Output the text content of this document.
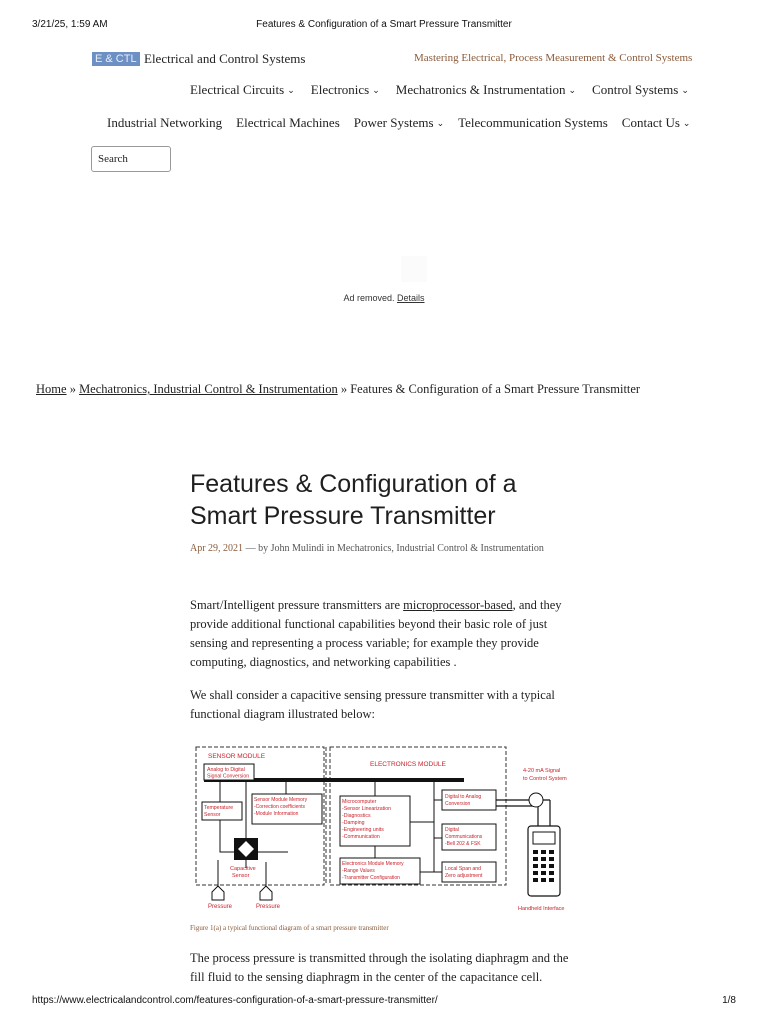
3/21/25, 1:59 AM	Features & Configuration of a Smart Pressure Transmitter
E & CTL Electrical and Control Systems	Mastering Electrical, Process Measurement & Control Systems
Electrical Circuits ⌄ Electronics ⌄ Mechatronics & Instrumentation ⌄ Control Systems ⌄
Industrial Networking Electrical Machines Power Systems ⌄ Telecommunication Systems Contact Us ⌄
Search
Ad removed. Details
Home » Mechatronics, Industrial Control & Instrumentation » Features & Configuration of a Smart Pressure Transmitter
Features & Configuration of a Smart Pressure Transmitter
Apr 29, 2021 — by John Mulindi in Mechatronics, Industrial Control & Instrumentation

Smart/Intelligent pressure transmitters are microprocessor-based, and they provide additional functional capabilities beyond their basic role of just sensing and representing a process variable; for example they provide computing, diagnostics, and networking capabilities .

We shall consider a capacitive sensing pressure transmitter with a typical functional diagram illustrated below:

SENSOR MODULE
ELECTRONICS MODULE
Analog to Digital
Signal Conversion
Temperature
Sensor
Sensor Module Memory
-Correction coefficients
-Module Information
Capacitive
Sensor
Pressure	Pressure
Microcomputer
-Sensor Linearization
-Diagnostics
-Damping
-Engineering units
-Communication
Electronics Module Memory
-Range Values
-Transmitter Configuration
Digital to Analog
Conversion
Digital
Communications
-Bell 202 & FSK
Local Span and
Zero adjustment
4-20 mA Signal
to Control System
Handheld Interface
Figure 1(a) a typical functional diagram of a smart pressure transmitter

The process pressure is transmitted through the isolating diaphragm and the fill fluid to the sensing diaphragm in the center of the capacitance cell.

https://www.electricalandcontrol.com/features-configuration-of-a-smart-pressure-transmitter/	1/8
